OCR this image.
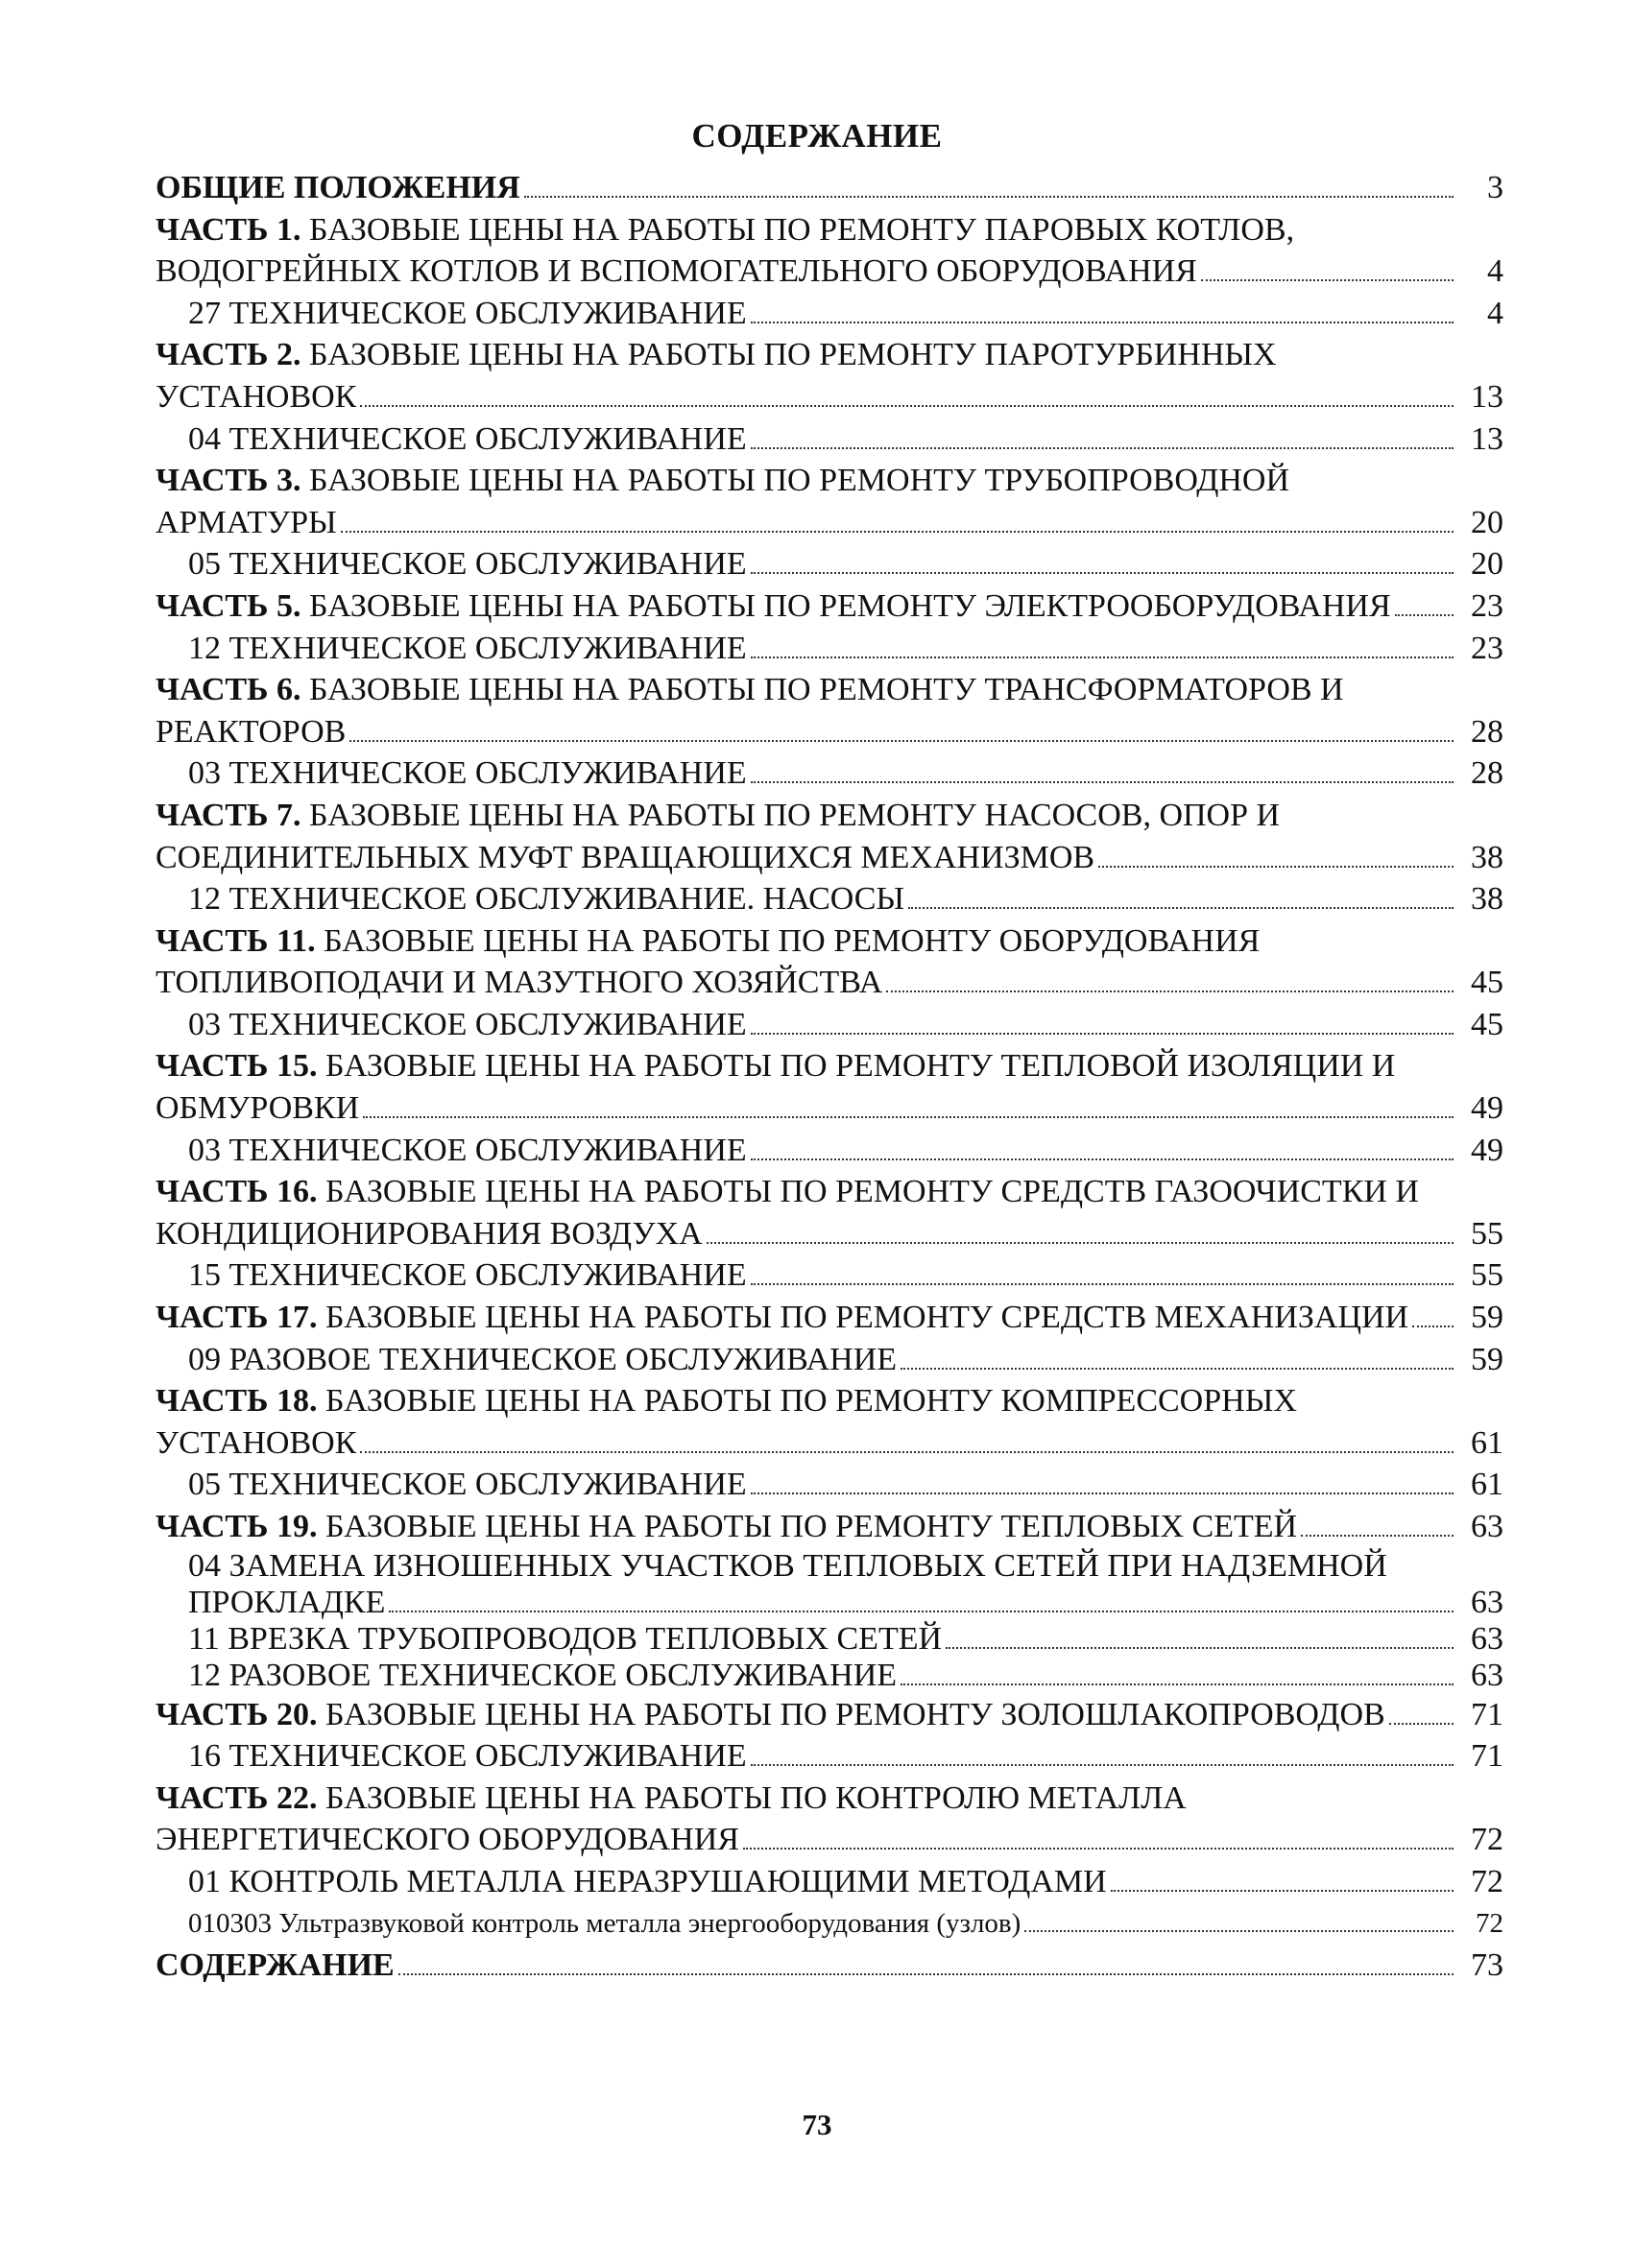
СОДЕРЖАНИЕ
ОБЩИЕ ПОЛОЖЕНИЯ	3
ЧАСТЬ 1. БАЗОВЫЕ ЦЕНЫ НА РАБОТЫ ПО РЕМОНТУ ПАРОВЫХ КОТЛОВ,
ВОДОГРЕЙНЫХ КОТЛОВ И ВСПОМОГАТЕЛЬНОГО ОБОРУДОВАНИЯ	4
27 ТЕХНИЧЕСКОЕ ОБСЛУЖИВАНИЕ	4
ЧАСТЬ 2. БАЗОВЫЕ ЦЕНЫ НА РАБОТЫ ПО РЕМОНТУ ПАРОТУРБИННЫХ
УСТАНОВОК	13
04 ТЕХНИЧЕСКОЕ ОБСЛУЖИВАНИЕ	13
ЧАСТЬ 3. БАЗОВЫЕ ЦЕНЫ НА РАБОТЫ ПО РЕМОНТУ ТРУБОПРОВОДНОЙ
АРМАТУРЫ	20
05 ТЕХНИЧЕСКОЕ ОБСЛУЖИВАНИЕ	20
ЧАСТЬ 5. БАЗОВЫЕ ЦЕНЫ НА РАБОТЫ ПО РЕМОНТУ ЭЛЕКТРООБОРУДОВАНИЯ	23
12 ТЕХНИЧЕСКОЕ ОБСЛУЖИВАНИЕ	23
ЧАСТЬ 6. БАЗОВЫЕ ЦЕНЫ НА РАБОТЫ ПО РЕМОНТУ ТРАНСФОРМАТОРОВ И
РЕАКТОРОВ	28
03 ТЕХНИЧЕСКОЕ ОБСЛУЖИВАНИЕ	28
ЧАСТЬ 7. БАЗОВЫЕ ЦЕНЫ НА РАБОТЫ ПО РЕМОНТУ НАСОСОВ, ОПОР И
СОЕДИНИТЕЛЬНЫХ МУФТ ВРАЩАЮЩИХСЯ МЕХАНИЗМОВ	38
12 ТЕХНИЧЕСКОЕ ОБСЛУЖИВАНИЕ. НАСОСЫ	38
ЧАСТЬ 11. БАЗОВЫЕ ЦЕНЫ НА РАБОТЫ ПО РЕМОНТУ ОБОРУДОВАНИЯ
ТОПЛИВОПОДАЧИ И МАЗУТНОГО ХОЗЯЙСТВА	45
03 ТЕХНИЧЕСКОЕ ОБСЛУЖИВАНИЕ	45
ЧАСТЬ 15. БАЗОВЫЕ ЦЕНЫ НА РАБОТЫ ПО РЕМОНТУ ТЕПЛОВОЙ ИЗОЛЯЦИИ И
ОБМУРОВКИ	49
03 ТЕХНИЧЕСКОЕ ОБСЛУЖИВАНИЕ	49
ЧАСТЬ 16. БАЗОВЫЕ ЦЕНЫ НА РАБОТЫ ПО РЕМОНТУ СРЕДСТВ ГАЗООЧИСТКИ И
КОНДИЦИОНИРОВАНИЯ ВОЗДУХА	55
15 ТЕХНИЧЕСКОЕ ОБСЛУЖИВАНИЕ	55
ЧАСТЬ 17. БАЗОВЫЕ ЦЕНЫ НА РАБОТЫ ПО РЕМОНТУ СРЕДСТВ МЕХАНИЗАЦИИ	59
09 РАЗОВОЕ ТЕХНИЧЕСКОЕ ОБСЛУЖИВАНИЕ	59
ЧАСТЬ 18. БАЗОВЫЕ ЦЕНЫ НА РАБОТЫ ПО РЕМОНТУ КОМПРЕССОРНЫХ
УСТАНОВОК	61
05 ТЕХНИЧЕСКОЕ ОБСЛУЖИВАНИЕ	61
ЧАСТЬ 19. БАЗОВЫЕ ЦЕНЫ НА РАБОТЫ ПО РЕМОНТУ ТЕПЛОВЫХ СЕТЕЙ	63
04 ЗАМЕНА ИЗНОШЕННЫХ УЧАСТКОВ ТЕПЛОВЫХ СЕТЕЙ ПРИ НАДЗЕМНОЙ
ПРОКЛАДКЕ	63
11 ВРЕЗКА ТРУБОПРОВОДОВ ТЕПЛОВЫХ СЕТЕЙ	63
12 РАЗОВОЕ ТЕХНИЧЕСКОЕ ОБСЛУЖИВАНИЕ	63
ЧАСТЬ 20. БАЗОВЫЕ ЦЕНЫ НА РАБОТЫ ПО РЕМОНТУ ЗОЛОШЛАКОПРОВОДОВ	71
16 ТЕХНИЧЕСКОЕ ОБСЛУЖИВАНИЕ	71
ЧАСТЬ 22. БАЗОВЫЕ ЦЕНЫ НА РАБОТЫ ПО КОНТРОЛЮ МЕТАЛЛА
ЭНЕРГЕТИЧЕСКОГО ОБОРУДОВАНИЯ	72
01 КОНТРОЛЬ МЕТАЛЛА НЕРАЗРУШАЮЩИМИ МЕТОДАМИ	72
010303 Ультразвуковой контроль металла энергооборудования (узлов)	72
СОДЕРЖАНИЕ	73
73
